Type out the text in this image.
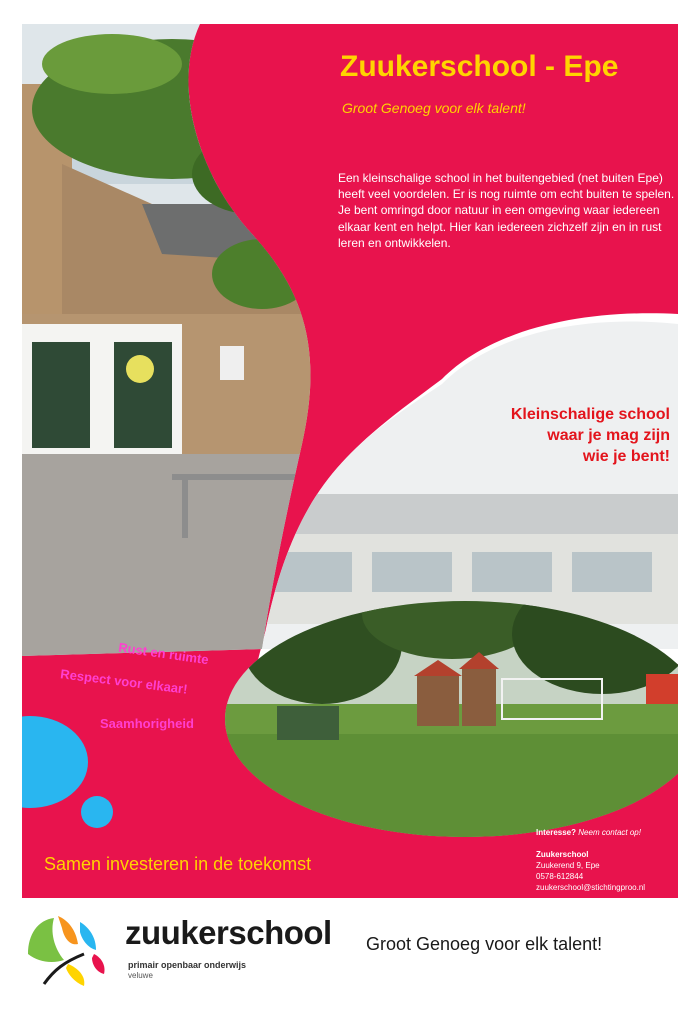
Zuukerschool - Epe
Groot Genoeg voor elk talent!
Een kleinschalige school in het buitengebied (net buiten Epe) heeft veel voordelen. Er is nog ruimte om echt buiten te spelen. Je bent omringd door natuur in een omgeving waar iedereen elkaar kent en helpt. Hier kan iedereen zichzelf zijn en in rust leren en ontwikkelen.
Kleinschalige school
waar je mag zijn
wie je bent!
Rust en ruimte
Respect voor elkaar!
Saamhorigheid
Samen investeren in de toekomst
Interesse? Neem contact op!
Zuukerschool
Zuukerend 9, Epe
0578-612844
zuukerschool@stichtingproo.nl
zuukerschool
primair openbaar onderwijs
veluwe
Groot Genoeg voor elk talent!
